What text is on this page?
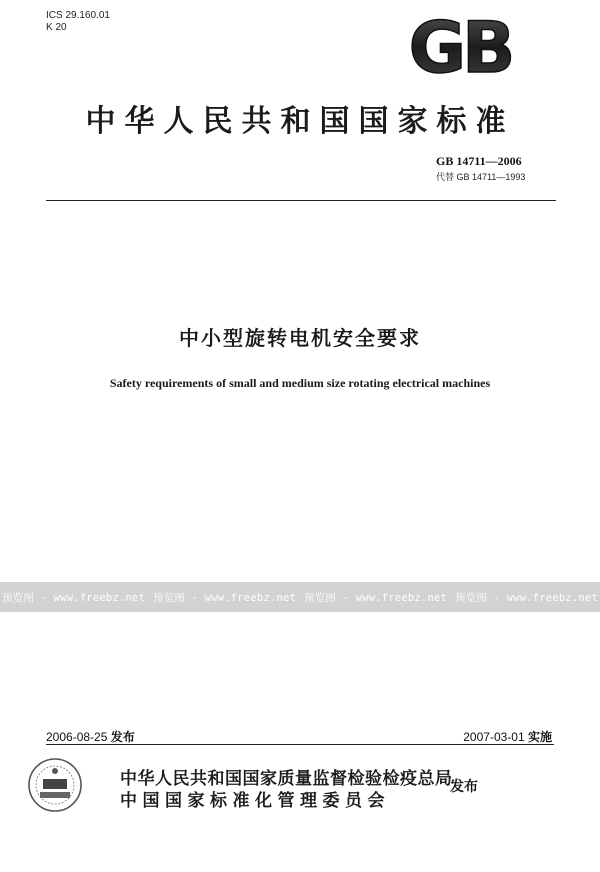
ICS 29.160.01
K 20	GB
中华人民共和国国家标准
GB 14711—2006
代替 GB 14711—1993
中小型旋转电机安全要求
Safety requirements of small and medium size rotating electrical machines
预览图 - www.freebz.net 预览图 - www.freebz.net 预览图 - www.freebz.net 预览图 - www.freebz.net
2006-08-25 发布	2007-03-01 实施
中华人民共和国国家质量监督检验检疫总局
中国国家标准化管理委员会
发布
